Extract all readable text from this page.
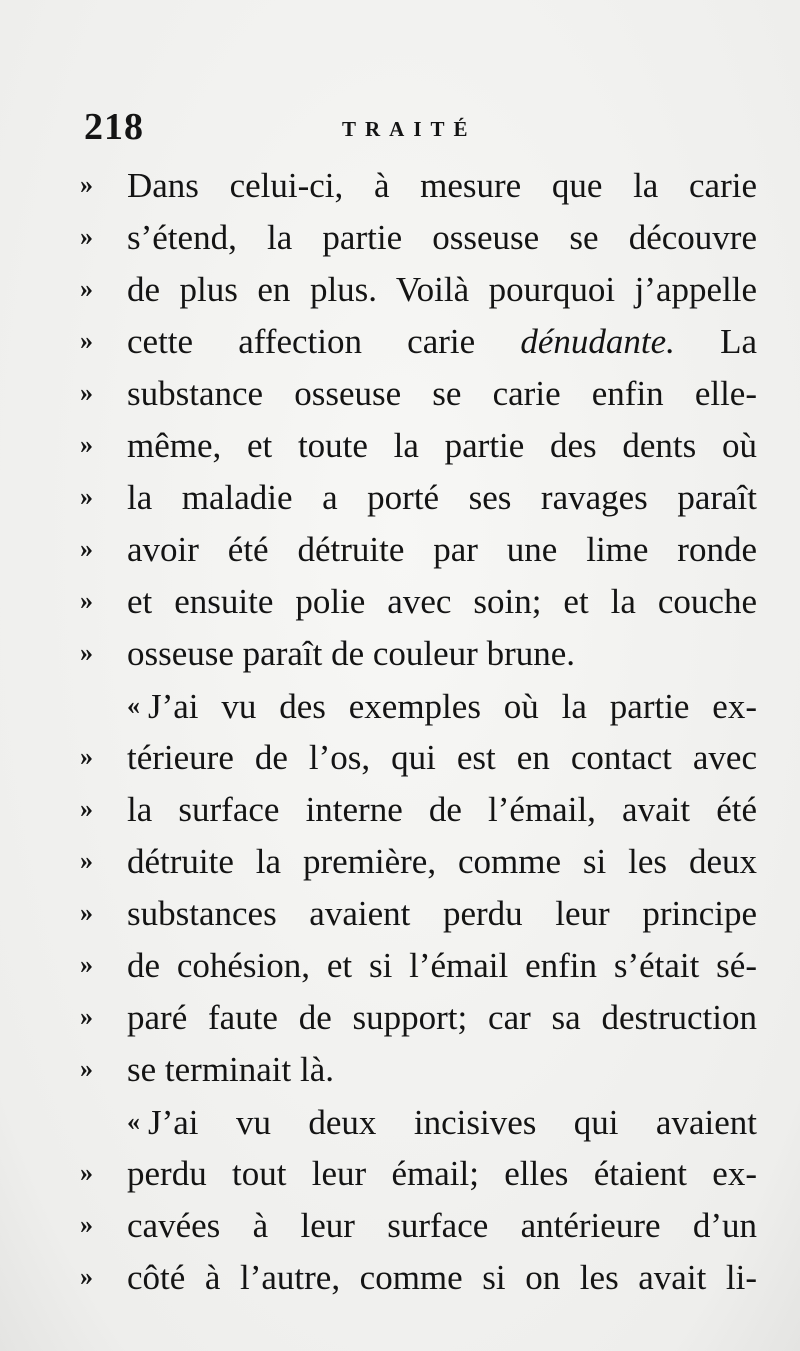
218	TRAITÉ
» Dans celui-ci, à mesure que la carie
» s’étend, la partie osseuse se découvre
» de plus en plus. Voilà pourquoi j’appelle
» cette affection carie dénudante. La
» substance osseuse se carie enfin elle-
» même, et toute la partie des dents où
» la maladie a porté ses ravages paraît
» avoir été détruite par une lime ronde
» et ensuite polie avec soin; et la couche
» osseuse paraît de couleur brune.
« J’ai vu des exemples où la partie ex-
» térieure de l’os, qui est en contact avec
» la surface interne de l’émail, avait été
» détruite la première, comme si les deux
» substances avaient perdu leur principe
» de cohésion, et si l’émail enfin s’était sé-
» paré faute de support; car sa destruction
» se terminait là.
« J’ai vu deux incisives qui avaient
» perdu tout leur émail; elles étaient ex-
» cavées à leur surface antérieure d’un
» côté à l’autre, comme si on les avait li-
